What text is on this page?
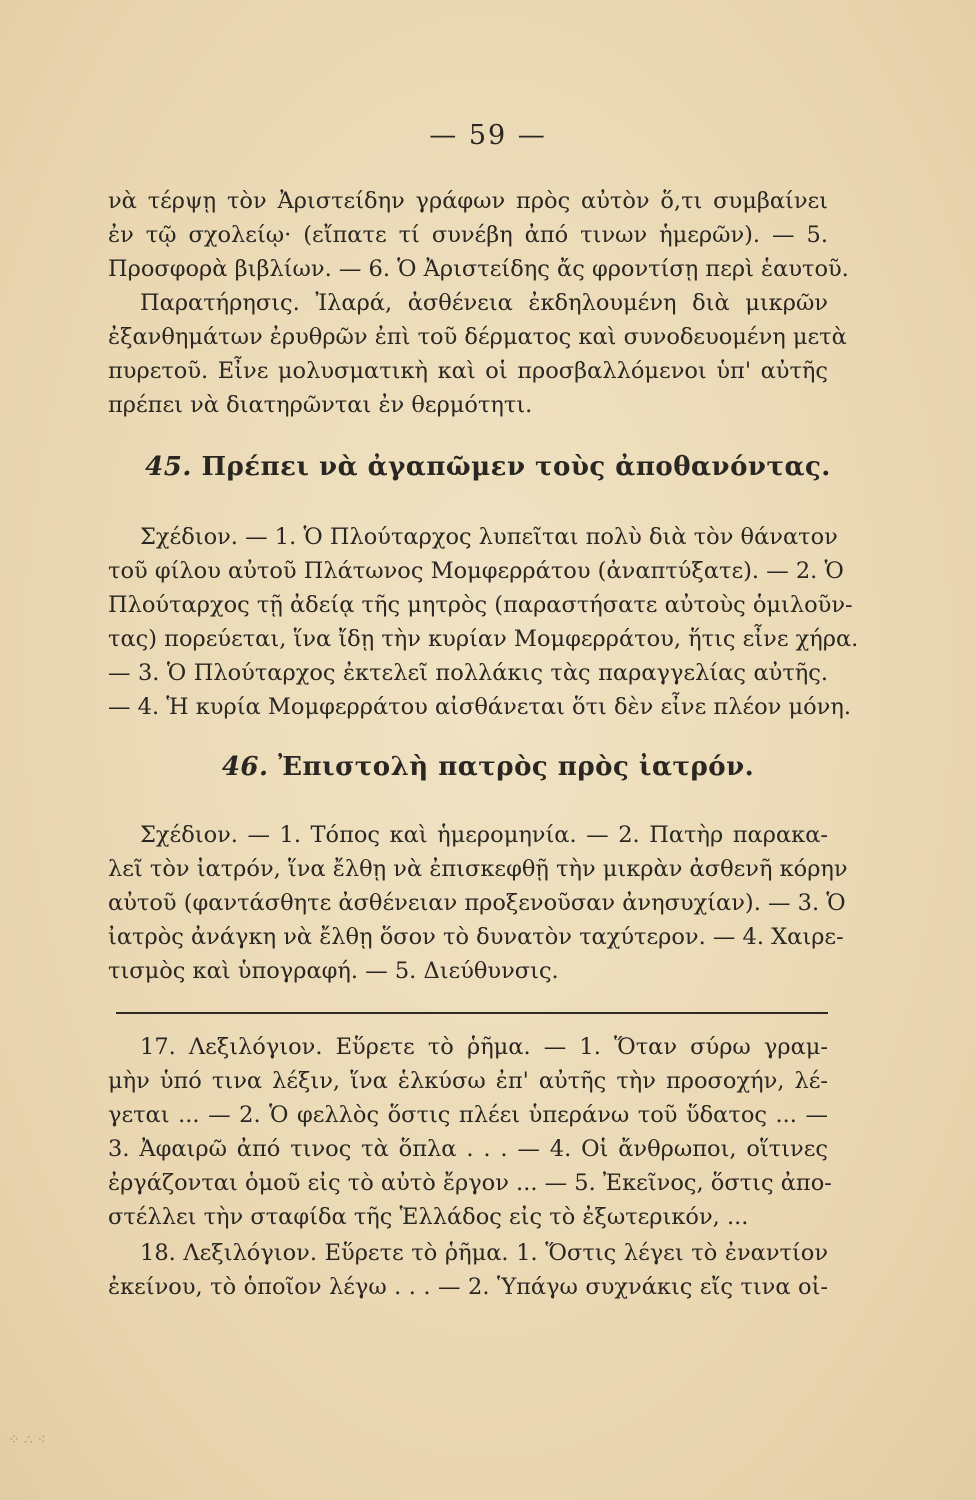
— 59 —
νὰ τέρψῃ τὸν Ἀριστείδην γράφων πρὸς αὐτὸν ὅ,τι συμβαίνει
ἐν τῷ σχολείῳ· (εἴπατε τί συνέβη ἀπό τινων ἡμερῶν). — 5.
Προσφορὰ βιβλίων. — 6. Ὁ Ἀριστείδης ἄς φροντίσῃ περὶ ἑαυτοῦ.
Παρατήρησις. Ἰλαρά, ἀσθένεια ἐκδηλουμένη διὰ μικρῶν
ἐξανθημάτων ἐρυθρῶν ἐπὶ τοῦ δέρματος καὶ συνοδευομένη μετὰ
πυρετοῦ. Εἶνε μολυσματικὴ καὶ οἱ προσβαλλόμενοι ὑπ' αὐτῆς
πρέπει νὰ διατηρῶνται ἐν θερμότητι.
45. Πρέπει νὰ ἀγαπῶμεν τοὺς ἀποθανόντας.
Σχέδιον. — 1. Ὁ Πλούταρχος λυπεῖται πολὺ διὰ τὸν θάνατον
τοῦ φίλου αὐτοῦ Πλάτωνος Μομφερράτου (ἀναπτύξατε). — 2. Ὁ
Πλούταρχος τῇ ἀδείᾳ τῆς μητρὸς (παραστήσατε αὐτοὺς ὁμιλοῦν-
τας) πορεύεται, ἵνα ἴδῃ τὴν κυρίαν Μομφερράτου, ἥτις εἶνε χήρα.
— 3. Ὁ Πλούταρχος ἐκτελεῖ πολλάκις τὰς παραγγελίας αὐτῆς.
— 4. Ἡ κυρία Μομφερράτου αἰσθάνεται ὅτι δὲν εἶνε πλέον μόνη.
46. Ἐπιστολὴ πατρὸς πρὸς ἰατρόν.
Σχέδιον. — 1. Τόπος καὶ ἡμερομηνία. — 2. Πατὴρ παρακα-
λεῖ τὸν ἰατρόν, ἵνα ἔλθῃ νὰ ἐπισκεφθῇ τὴν μικρὰν ἀσθενῆ κόρην
αὐτοῦ (φαντάσθητε ἀσθένειαν προξενοῦσαν ἀνησυχίαν). — 3. Ὁ
ἰατρὸς ἀνάγκη νὰ ἔλθῃ ὅσον τὸ δυνατὸν ταχύτερον. — 4. Χαιρε-
τισμὸς καὶ ὑπογραφή. — 5. Διεύθυνσις.
17. Λεξιλόγιον. Εὕρετε τὸ ῥῆμα. — 1. Ὅταν σύρω γραμ-
μὴν ὑπό τινα λέξιν, ἵνα ἑλκύσω ἐπ' αὐτῆς τὴν προσοχήν, λέ-
γεται ... — 2. Ὁ φελλὸς ὅστις πλέει ὑπεράνω τοῦ ὕδατος ... —
3. Ἀφαιρῶ ἀπό τινος τὰ ὅπλα . . . — 4. Οἱ ἄνθρωποι, οἵτινες
ἐργάζονται ὁμοῦ εἰς τὸ αὐτὸ ἔργον ... — 5. Ἐκεῖνος, ὅστις ἀπο-
στέλλει τὴν σταφίδα τῆς Ἑλλάδος εἰς τὸ ἐξωτερικόν, ...
18. Λεξιλόγιον. Εὕρετε τὸ ῥῆμα. 1. Ὅστις λέγει τὸ ἐναντίον
ἐκείνου, τὸ ὁποῖον λέγω . . . — 2. Ὑπάγω συχνάκις εἴς τινα οἰ-
⁘ ∴ ⁖
